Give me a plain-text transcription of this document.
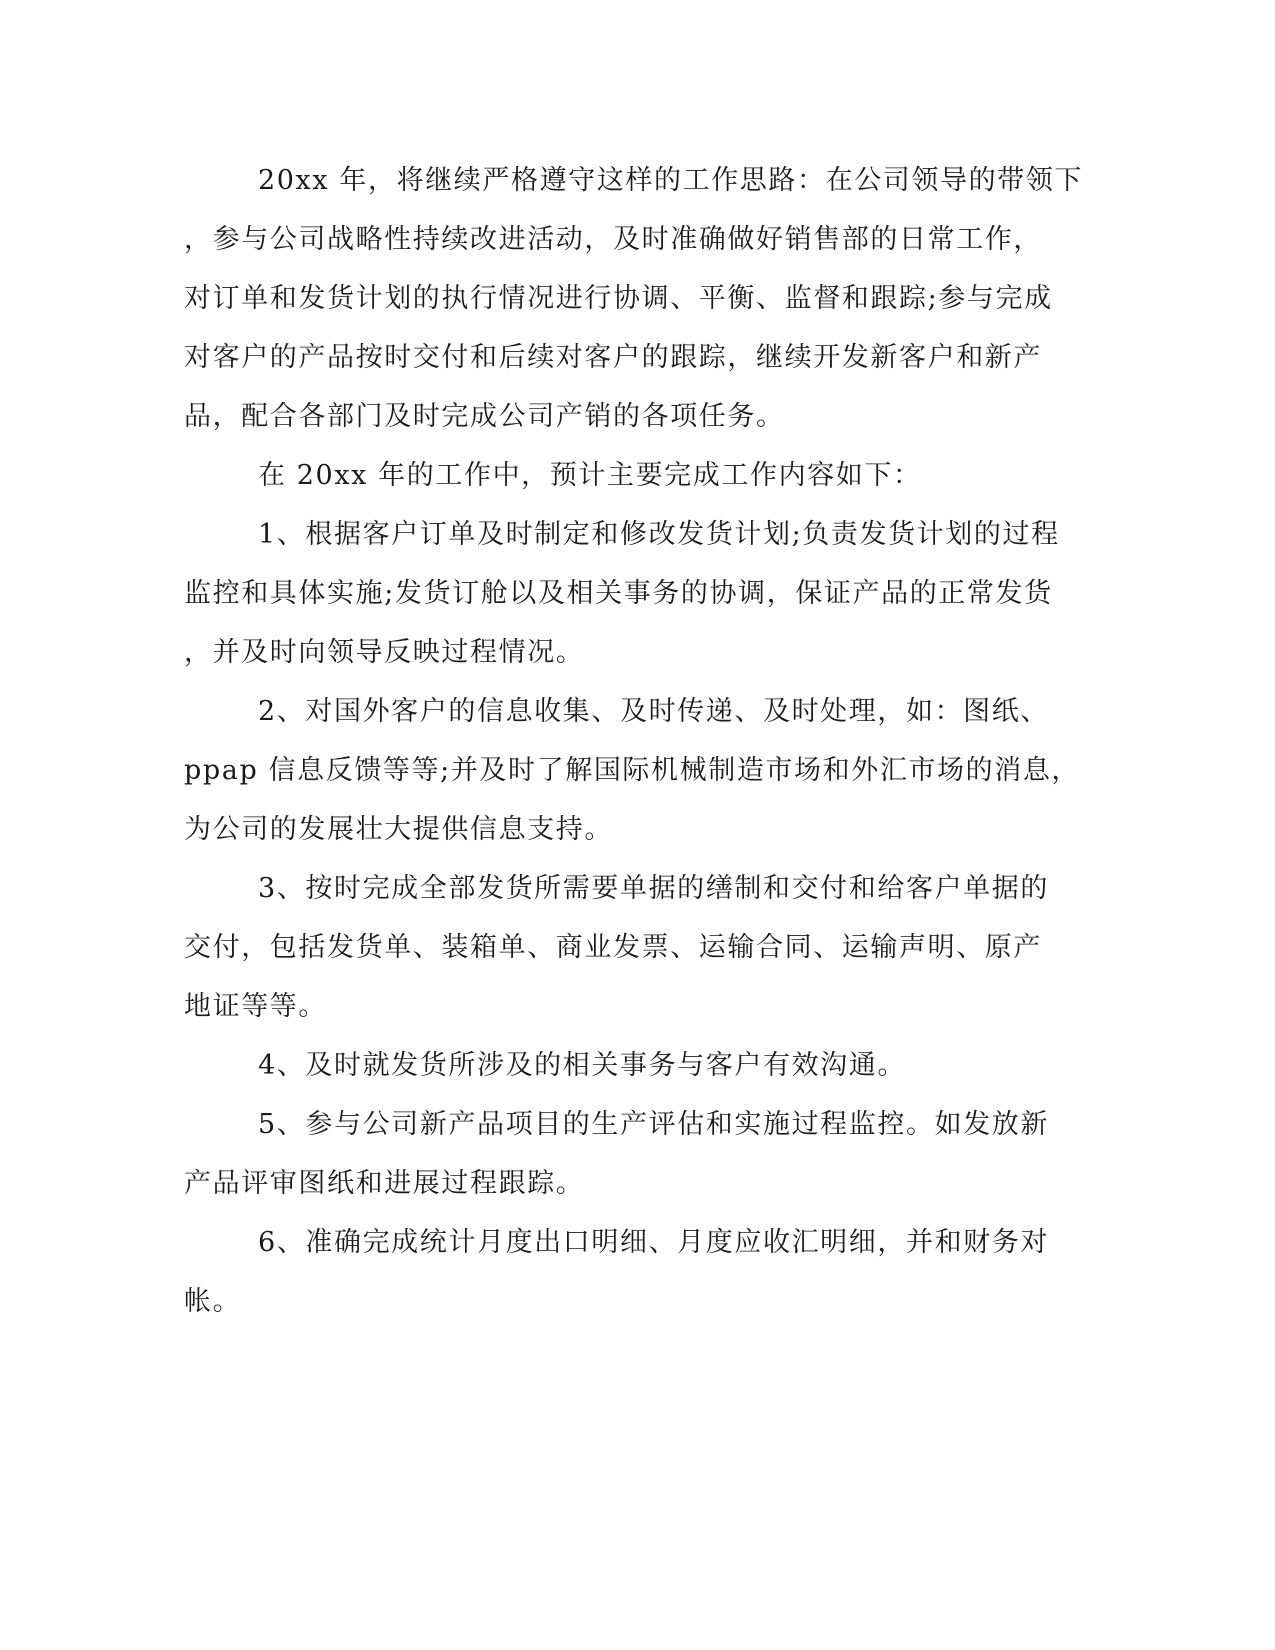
20xx 年，将继续严格遵守这样的工作思路：在公司领导的带领下
，参与公司战略性持续改进活动，及时准确做好销售部的日常工作，
对订单和发货计划的执行情况进行协调、平衡、监督和跟踪;参与完成
对客户的产品按时交付和后续对客户的跟踪，继续开发新客户和新产
品，配合各部门及时完成公司产销的各项任务。
在 20xx 年的工作中，预计主要完成工作内容如下：
1、根据客户订单及时制定和修改发货计划;负责发货计划的过程
监控和具体实施;发货订舱以及相关事务的协调，保证产品的正常发货
，并及时向领导反映过程情况。
2、对国外客户的信息收集、及时传递、及时处理，如：图纸、
ppap 信息反馈等等;并及时了解国际机械制造市场和外汇市场的消息，
为公司的发展壮大提供信息支持。
3、按时完成全部发货所需要单据的缮制和交付和给客户单据的
交付，包括发货单、装箱单、商业发票、运输合同、运输声明、原产
地证等等。
4、及时就发货所涉及的相关事务与客户有效沟通。
5、参与公司新产品项目的生产评估和实施过程监控。如发放新
产品评审图纸和进展过程跟踪。
6、准确完成统计月度出口明细、月度应收汇明细，并和财务对
帐。
